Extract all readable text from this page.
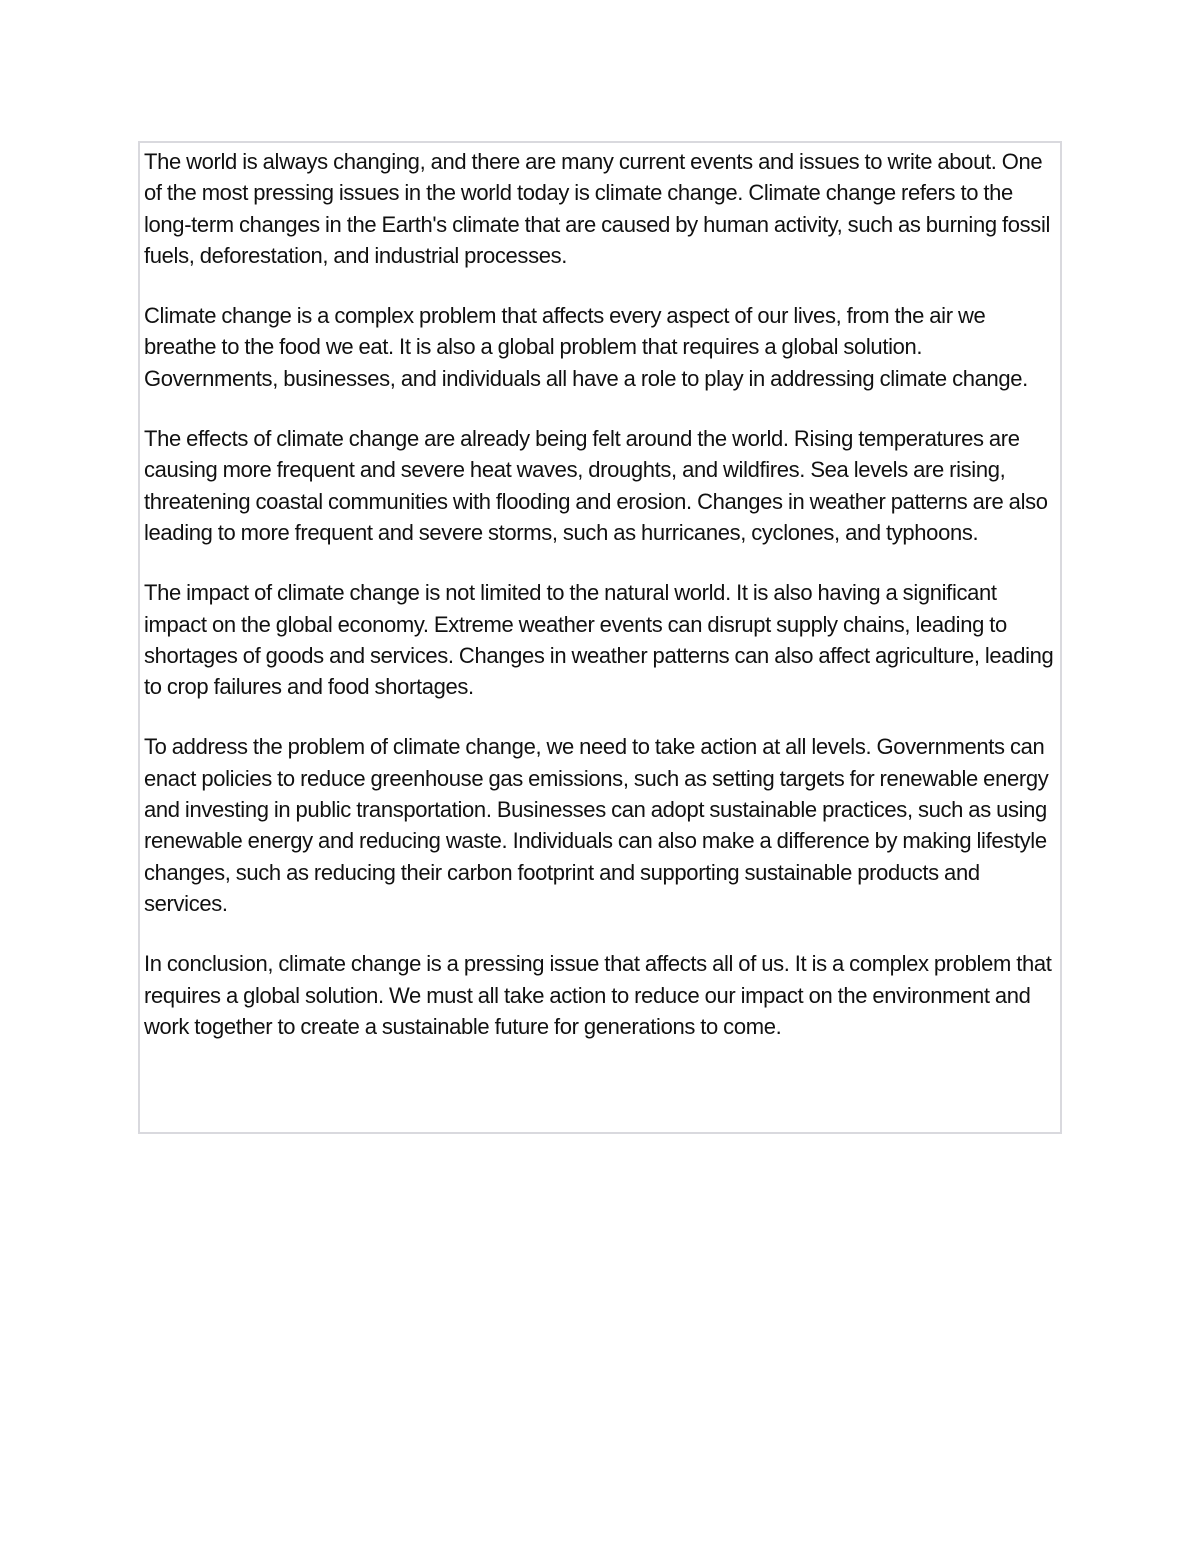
The world is always changing, and there are many current events and issues to write about. One of the most pressing issues in the world today is climate change. Climate change refers to the long-term changes in the Earth's climate that are caused by human activity, such as burning fossil fuels, deforestation, and industrial processes.

Climate change is a complex problem that affects every aspect of our lives, from the air we breathe to the food we eat. It is also a global problem that requires a global solution. Governments, businesses, and individuals all have a role to play in addressing climate change.

The effects of climate change are already being felt around the world. Rising temperatures are causing more frequent and severe heat waves, droughts, and wildfires. Sea levels are rising, threatening coastal communities with flooding and erosion. Changes in weather patterns are also leading to more frequent and severe storms, such as hurricanes, cyclones, and typhoons.

The impact of climate change is not limited to the natural world. It is also having a significant impact on the global economy. Extreme weather events can disrupt supply chains, leading to shortages of goods and services. Changes in weather patterns can also affect agriculture, leading to crop failures and food shortages.

To address the problem of climate change, we need to take action at all levels. Governments can enact policies to reduce greenhouse gas emissions, such as setting targets for renewable energy and investing in public transportation. Businesses can adopt sustainable practices, such as using renewable energy and reducing waste. Individuals can also make a difference by making lifestyle changes, such as reducing their carbon footprint and supporting sustainable products and services.

In conclusion, climate change is a pressing issue that affects all of us. It is a complex problem that requires a global solution. We must all take action to reduce our impact on the environment and work together to create a sustainable future for generations to come.
